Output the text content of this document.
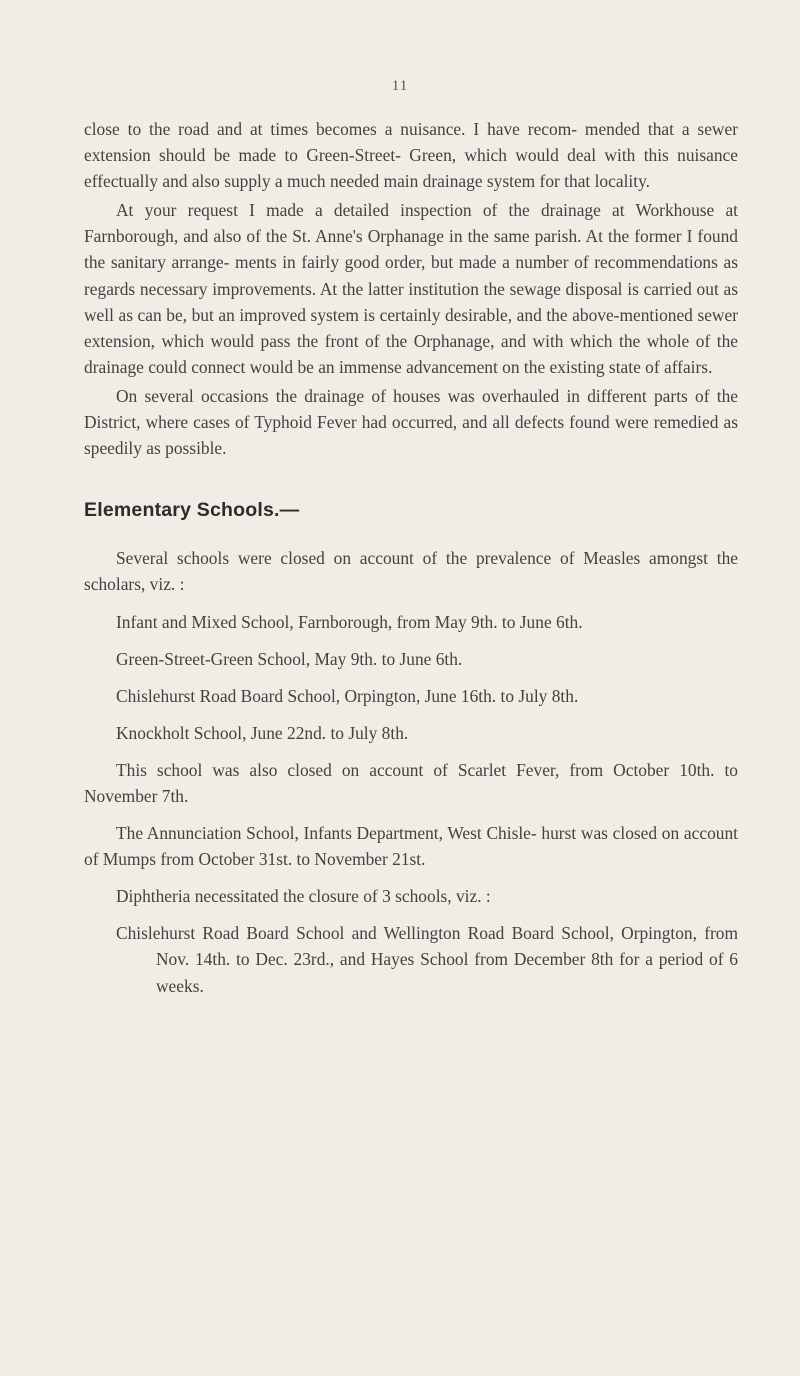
11

close to the road and at times becomes a nuisance. I have recom- mended that a sewer extension should be made to Green-Street- Green, which would deal with this nuisance effectually and also supply a much needed main drainage system for that locality.

At your request I made a detailed inspection of the drainage at Workhouse at Farnborough, and also of the St. Anne's Orphanage in the same parish. At the former I found the sanitary arrange- ments in fairly good order, but made a number of recommendations as regards necessary improvements. At the latter institution the sewage disposal is carried out as well as can be, but an improved system is certainly desirable, and the above-mentioned sewer extension, which would pass the front of the Orphanage, and with which the whole of the drainage could connect would be an immense advancement on the existing state of affairs.

On several occasions the drainage of houses was overhauled in different parts of the District, where cases of Typhoid Fever had occurred, and all defects found were remedied as speedily as possible.

Elementary Schools.—

Several schools were closed on account of the prevalence of Measles amongst the scholars, viz. :

Infant and Mixed School, Farnborough, from May 9th. to June 6th.

Green-Street-Green School, May 9th. to June 6th.

Chislehurst Road Board School, Orpington, June 16th. to July 8th.

Knockholt School, June 22nd. to July 8th.

This school was also closed on account of Scarlet Fever, from October 10th. to November 7th.

The Annunciation School, Infants Department, West Chisle- hurst was closed on account of Mumps from October 31st. to November 21st.

Diphtheria necessitated the closure of 3 schools, viz. :

Chislehurst Road Board School and Wellington Road Board School, Orpington, from Nov. 14th. to Dec. 23rd., and Hayes School from December 8th for a period of 6 weeks.
